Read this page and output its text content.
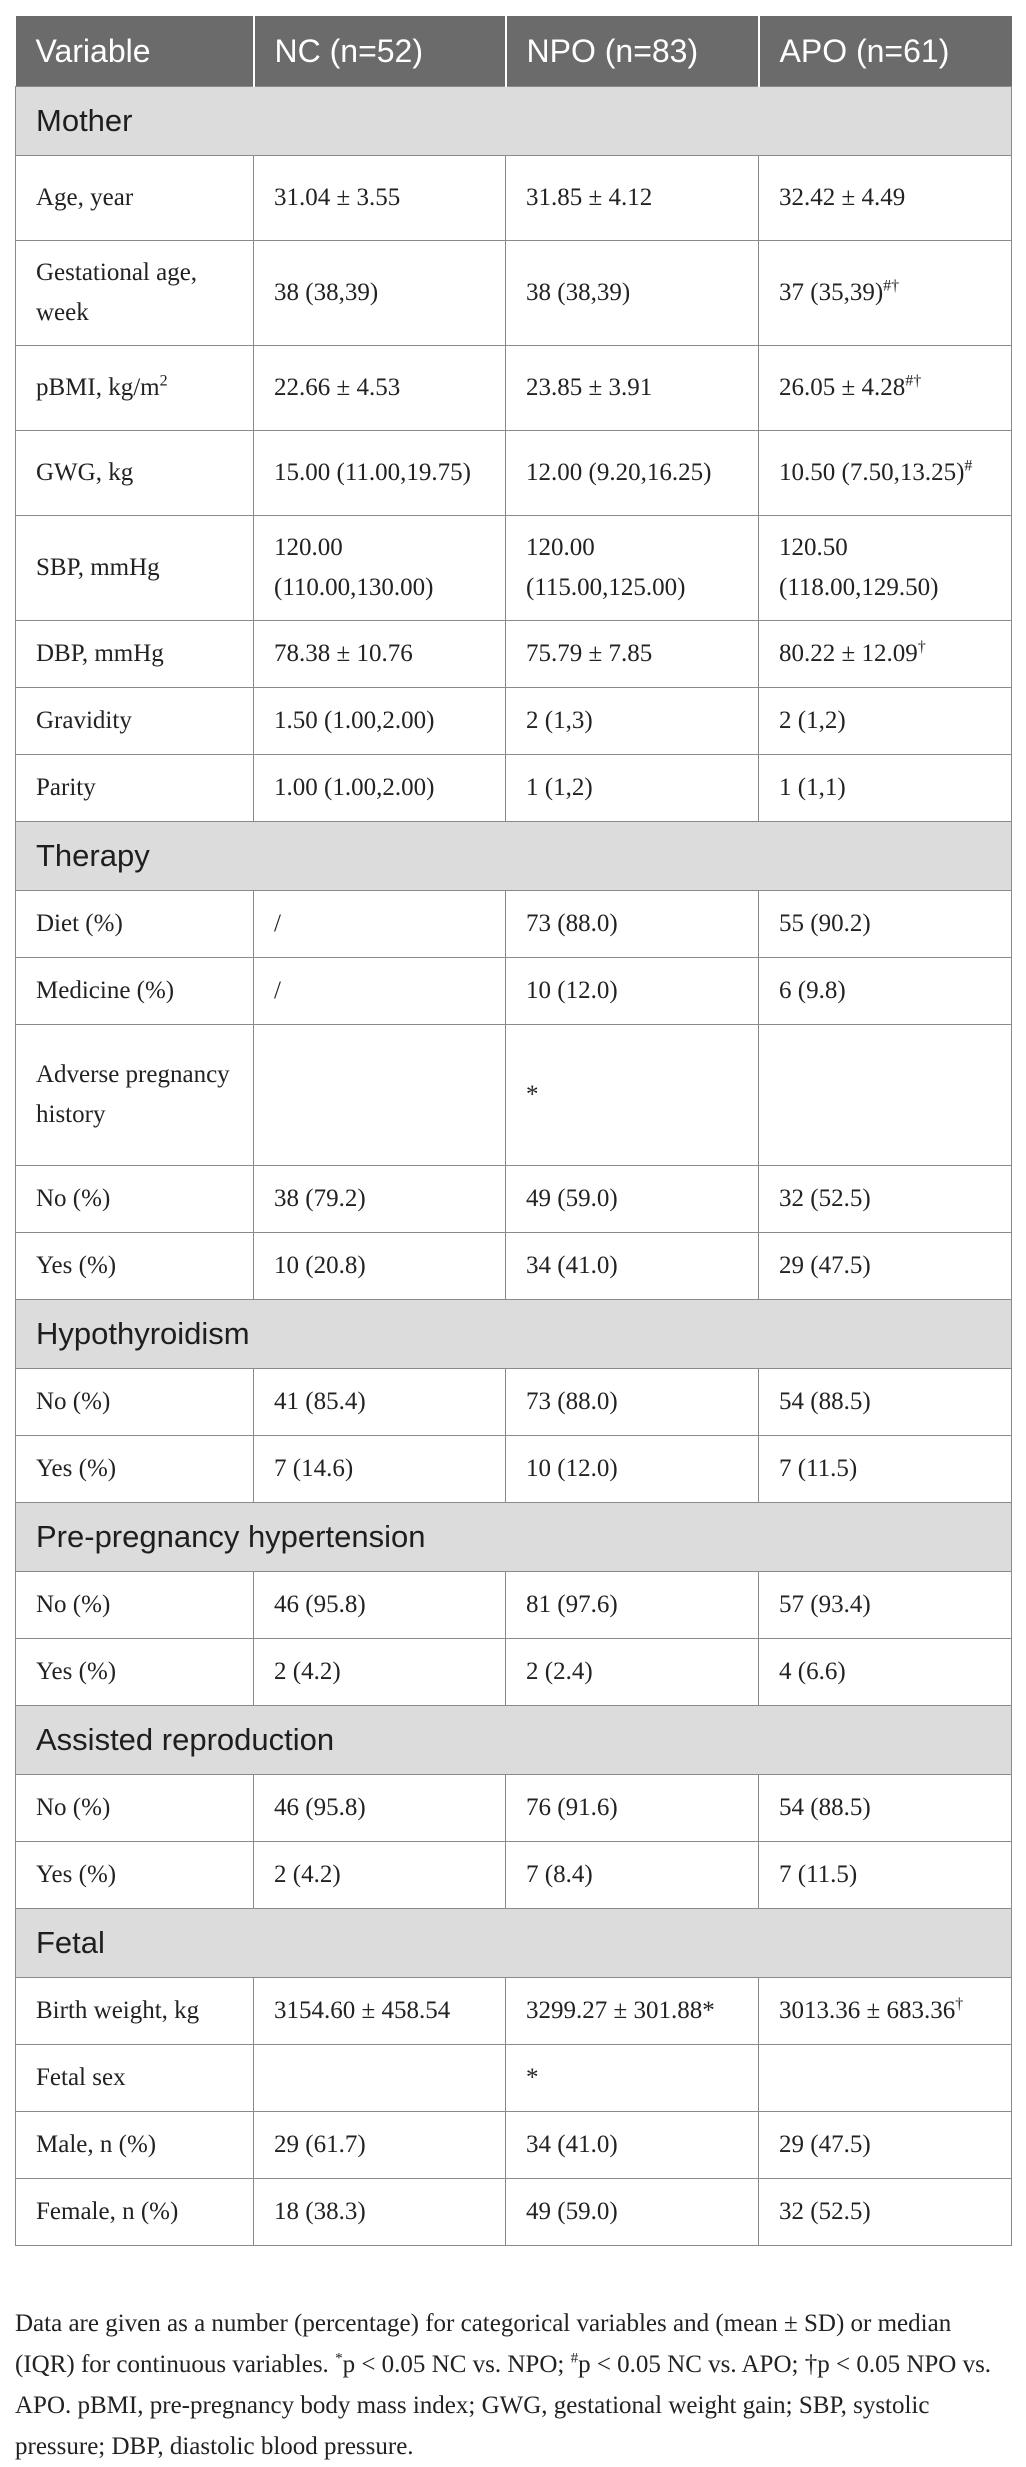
Variable	NC (n=52)	NPO (n=83)	APO (n=61)
Mother			
Age, year	31.04 ± 3.55	31.85 ± 4.12	32.42 ± 4.49
Gestational age, week	38 (38,39)	38 (38,39)	37 (35,39)#†
pBMI, $kg/m^2$	22.66 ± 4.53	23.85 ± 3.91	26.05 ± 4.28#†
GWG, kg	15.00 (11.00,19.75)	12.00 (9.20,16.25)	10.50 (7.50,13.25)#
SBP, mmHg	120.00 (110.00,130.00)	120.00 (115.00,125.00)	120.50 (118.00,129.50)
DBP, mmHg	78.38 ± 10.76	75.79 ± 7.85	80.22 ± 12.09†
Gravidity	1.50 (1.00,2.00)	2 (1,3)	2 (1,2)
Parity	1.00 (1.00,2.00)	1 (1,2)	1 (1,1)
Therapy			
Diet (%)	/	73 (88.0)	55 (90.2)
Medicine (%)	/	10 (12.0)	6 (9.8)
Adverse pregnancy history		*	
No (%)	38 (79.2)	49 (59.0)	32 (52.5)
Yes (%)	10 (20.8)	34 (41.0)	29 (47.5)
Hypothyroidism			
No (%)	41 (85.4)	73 (88.0)	54 (88.5)
Yes (%)	7 (14.6)	10 (12.0)	7 (11.5)
Pre-pregnancy hypertension			
No (%)	46 (95.8)	81 (97.6)	57 (93.4)
Yes (%)	2 (4.2)	2 (2.4)	4 (6.6)
Assisted reproduction			
No (%)	46 (95.8)	76 (91.6)	54 (88.5)
Yes (%)	2 (4.2)	7 (8.4)	7 (11.5)
Fetal			
Birth weight, kg	3154.60 ± 458.54	3299.27 ± 301.88*	3013.36 ± 683.36†
Fetal sex		*	
Male, n (%)	29 (61.7)	34 (41.0)	29 (47.5)
Female, n (%)	18 (38.3)	49 (59.0)	32 (52.5)
Data are given as a number (percentage) for categorical variables and (mean ± SD) or median (IQR) for continuous variables. *p < 0.05 NC vs. NPO; #p < 0.05 NC vs. APO; †p < 0.05 NPO vs. APO. pBMI, pre-pregnancy body mass index; GWG, gestational weight gain; SBP, systolic pressure; DBP, diastolic blood pressure.
